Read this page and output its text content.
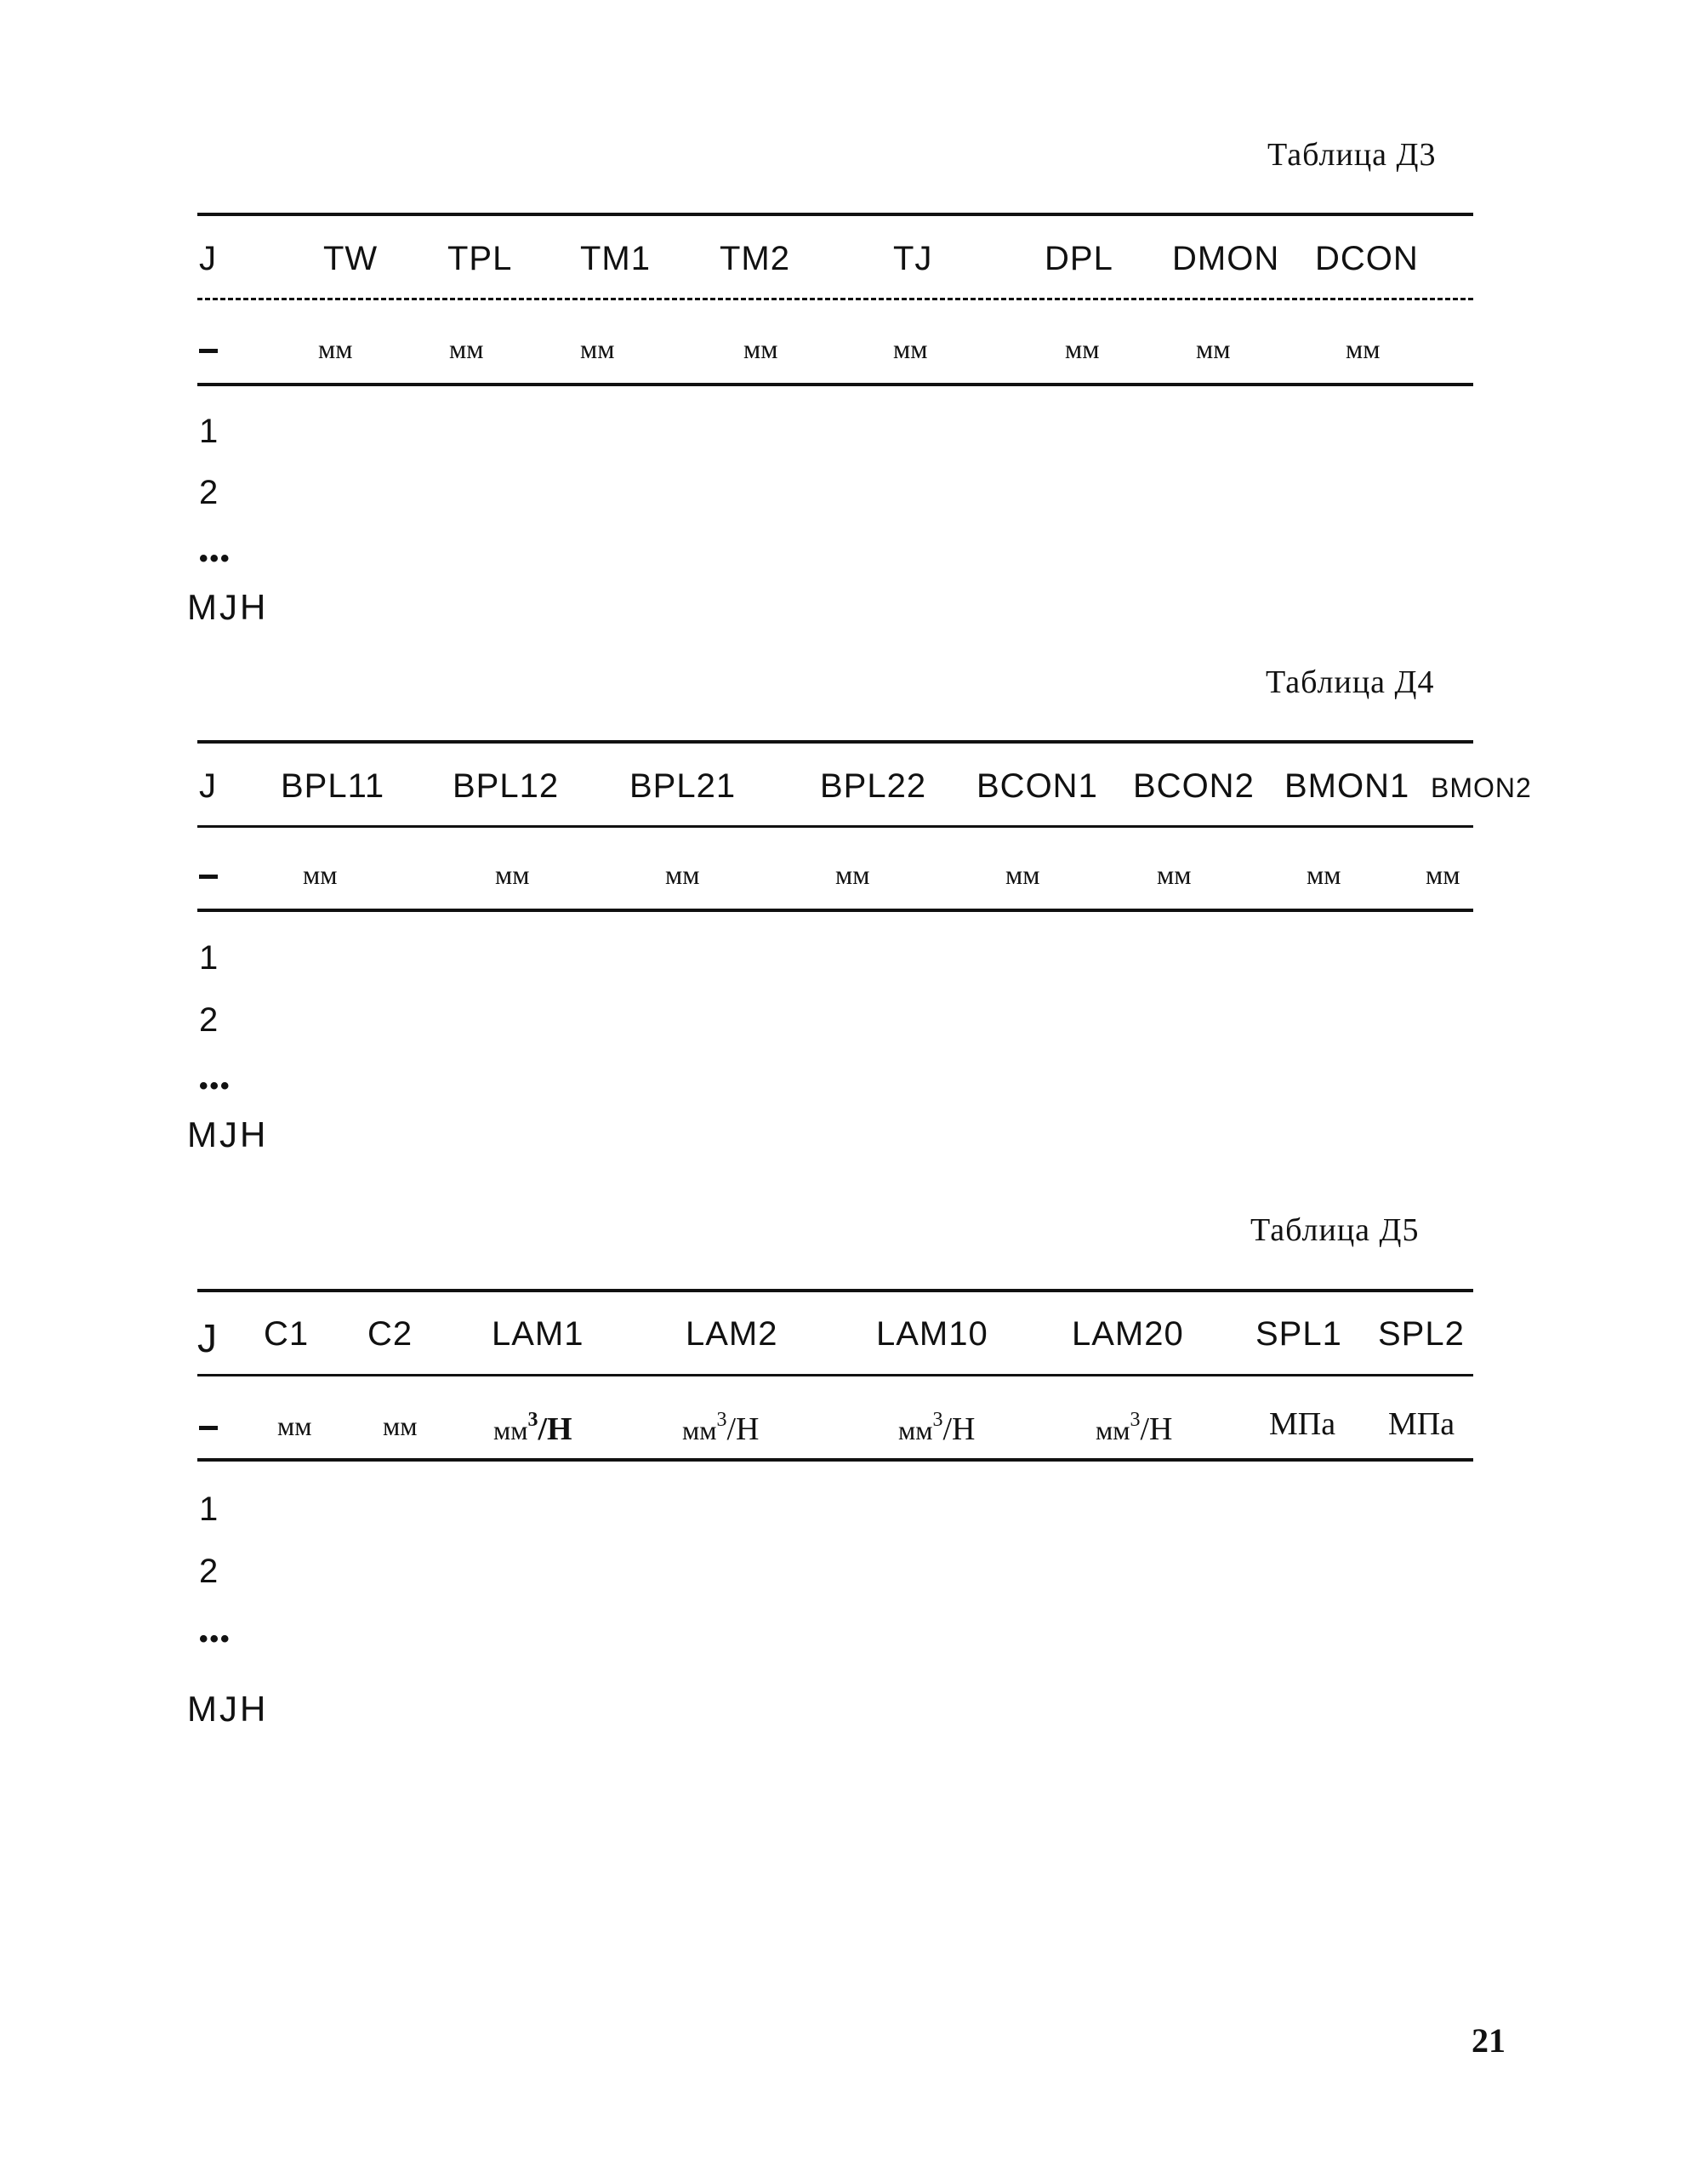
Таблица Д3
J	TW TPL TM1 TM2	TJ	DPL DMON DCON
мм	мм	мм	мм	мм	мм	мм	мм
1
2
•••
MJH
Таблица Д4
J BPL11 BPL12 BPL21 BPL22 BCON1 BCON2 BMON1 BMON2
мм	мм	мм	мм	мм	мм	мм	мм
1
2
•••
MJH
Таблица Д5
J C1 C2 LAM1	LAM2	LAM10 LAM20 SPL1 SPL2
мм	мм	$мм^3/H$	$мм^3/H$	$мм^3/H$	$мм^3/H$	МПа МПа
1
2
•••
MJH
21
